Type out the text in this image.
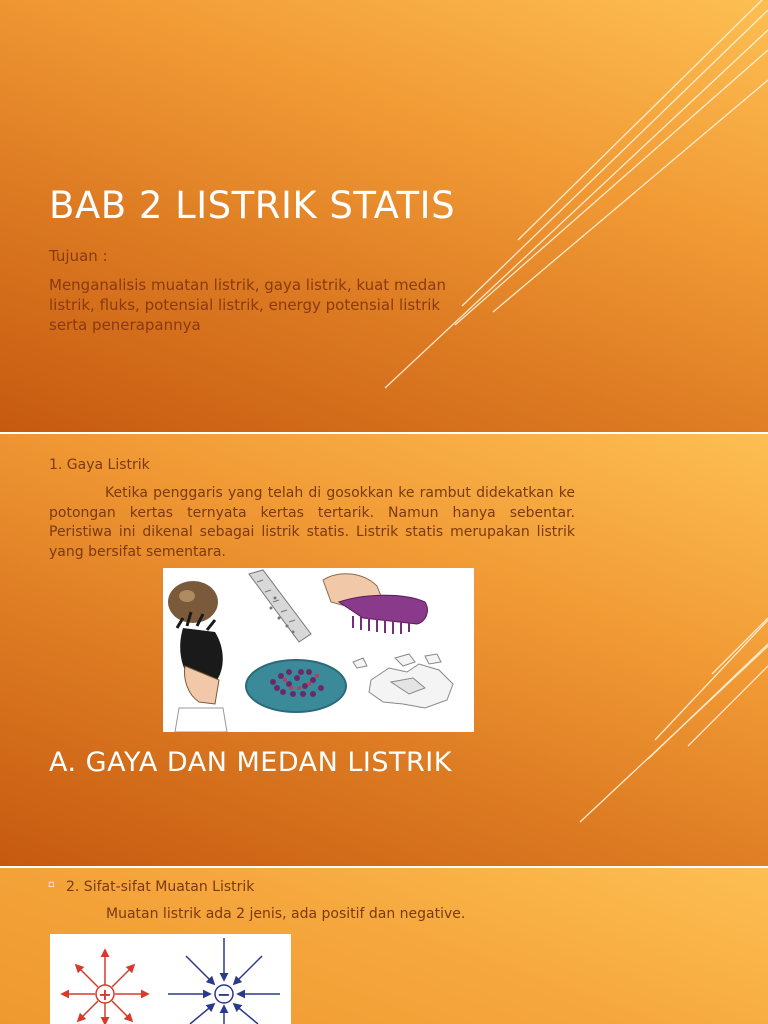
BAB 2 LISTRIK STATIS

Tujuan :

Menganalisis muatan listrik, gaya listrik, kuat medan listrik, fluks, potensial listrik, energy potensial listrik serta penerapannya

1. Gaya Listrik

Ketika penggaris yang telah di gosokkan ke rambut didekatkan ke potongan kertas ternyata kertas tertarik. Namun hanya sebentar. Peristiwa ini dikenal sebagai listrik statis. Listrik statis merupakan listrik yang bersifat sementara.

A. GAYA DAN MEDAN LISTRIK
▫ 2. Sifat-sifat Muatan Listrik

Muatan listrik ada 2 jenis, ada positif dan negative.

+	−
